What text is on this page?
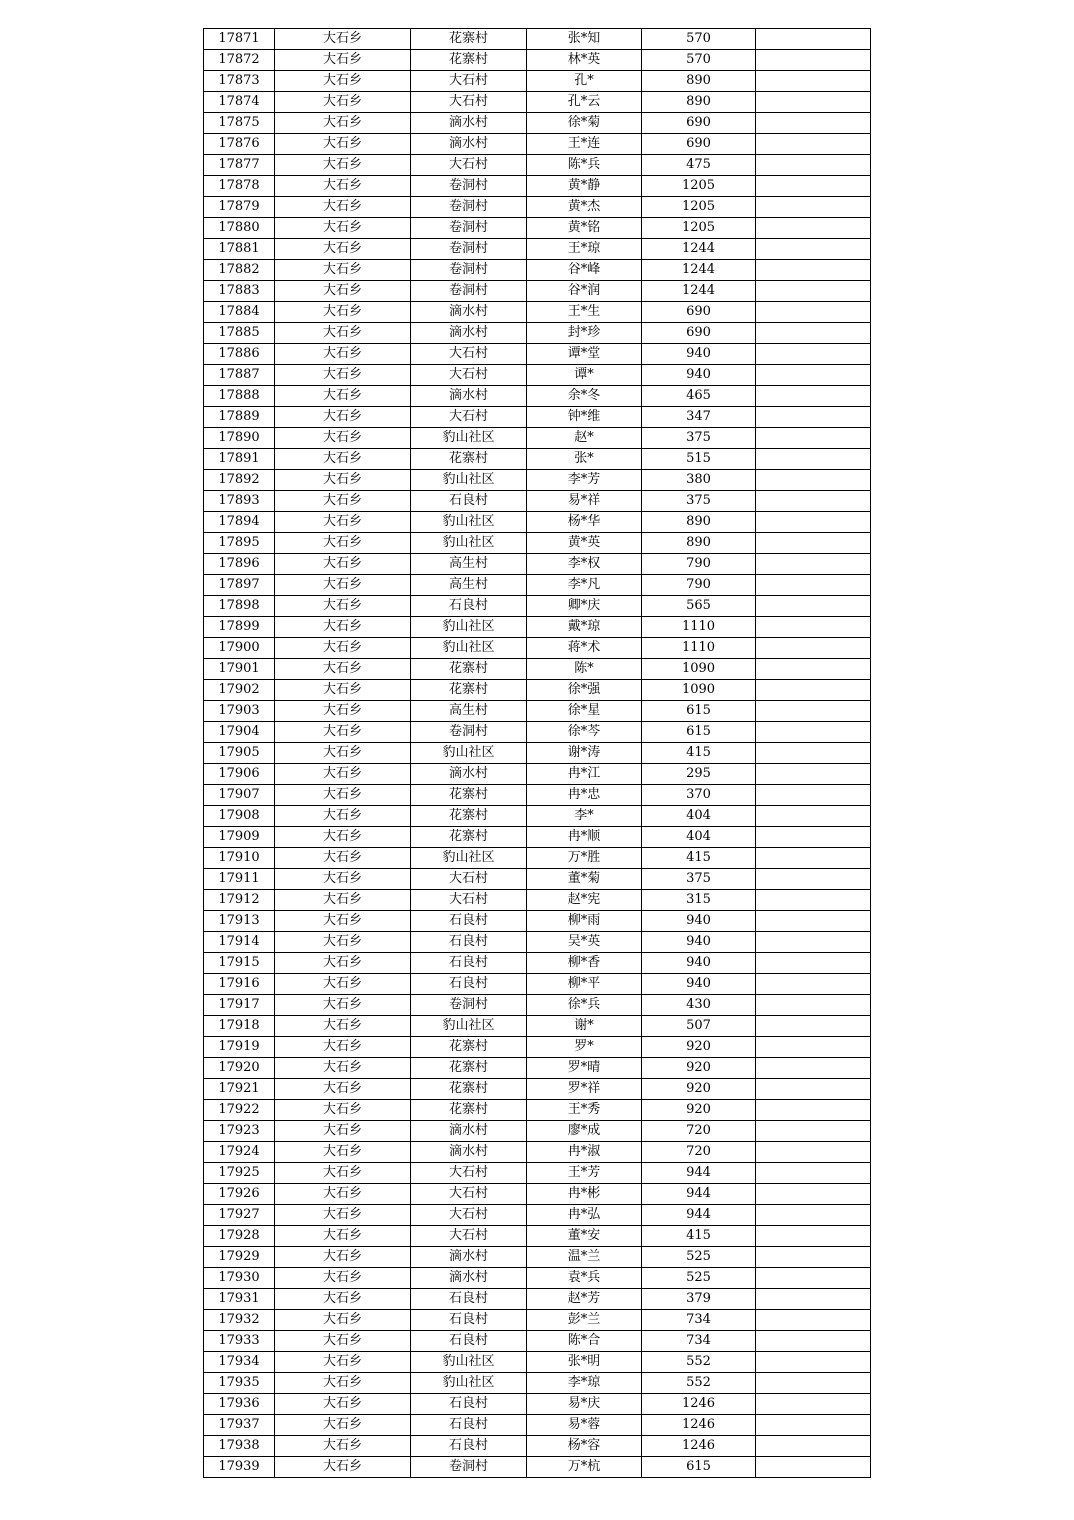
17871	大石乡	花寨村	张*知	570	
17872	大石乡	花寨村	林*英	570	
17873	大石乡	大石村	孔*	890	
17874	大石乡	大石村	孔*云	890	
17875	大石乡	滴水村	徐*菊	690	
17876	大石乡	滴水村	王*连	690	
17877	大石乡	大石村	陈*兵	475	
17878	大石乡	卷洞村	黄*静	1205	
17879	大石乡	卷洞村	黄*杰	1205	
17880	大石乡	卷洞村	黄*铭	1205	
17881	大石乡	卷洞村	王*琼	1244	
17882	大石乡	卷洞村	谷*峰	1244	
17883	大石乡	卷洞村	谷*润	1244	
17884	大石乡	滴水村	王*生	690	
17885	大石乡	滴水村	封*珍	690	
17886	大石乡	大石村	谭*堂	940	
17887	大石乡	大石村	谭*	940	
17888	大石乡	滴水村	余*冬	465	
17889	大石乡	大石村	钟*维	347	
17890	大石乡	豹山社区	赵*	375	
17891	大石乡	花寨村	张*	515	
17892	大石乡	豹山社区	李*芳	380	
17893	大石乡	石良村	易*祥	375	
17894	大石乡	豹山社区	杨*华	890	
17895	大石乡	豹山社区	黄*英	890	
17896	大石乡	高生村	李*权	790	
17897	大石乡	高生村	李*凡	790	
17898	大石乡	石良村	卿*庆	565	
17899	大石乡	豹山社区	戴*琼	1110	
17900	大石乡	豹山社区	蒋*术	1110	
17901	大石乡	花寨村	陈*	1090	
17902	大石乡	花寨村	徐*强	1090	
17903	大石乡	高生村	徐*星	615	
17904	大石乡	卷洞村	徐*芩	615	
17905	大石乡	豹山社区	谢*涛	415	
17906	大石乡	滴水村	冉*江	295	
17907	大石乡	花寨村	冉*忠	370	
17908	大石乡	花寨村	李*	404	
17909	大石乡	花寨村	冉*顺	404	
17910	大石乡	豹山社区	万*胜	415	
17911	大石乡	大石村	董*菊	375	
17912	大石乡	大石村	赵*宪	315	
17913	大石乡	石良村	柳*雨	940	
17914	大石乡	石良村	吴*英	940	
17915	大石乡	石良村	柳*香	940	
17916	大石乡	石良村	柳*平	940	
17917	大石乡	卷洞村	徐*兵	430	
17918	大石乡	豹山社区	谢*	507	
17919	大石乡	花寨村	罗*	920	
17920	大石乡	花寨村	罗*晴	920	
17921	大石乡	花寨村	罗*祥	920	
17922	大石乡	花寨村	王*秀	920	
17923	大石乡	滴水村	廖*成	720	
17924	大石乡	滴水村	冉*淑	720	
17925	大石乡	大石村	王*芳	944	
17926	大石乡	大石村	冉*彬	944	
17927	大石乡	大石村	冉*弘	944	
17928	大石乡	大石村	董*安	415	
17929	大石乡	滴水村	温*兰	525	
17930	大石乡	滴水村	袁*兵	525	
17931	大石乡	石良村	赵*芳	379	
17932	大石乡	石良村	彭*兰	734	
17933	大石乡	石良村	陈*合	734	
17934	大石乡	豹山社区	张*明	552	
17935	大石乡	豹山社区	李*琼	552	
17936	大石乡	石良村	易*庆	1246	
17937	大石乡	石良村	易*蓉	1246	
17938	大石乡	石良村	杨*容	1246	
17939	大石乡	卷洞村	万*杭	615	
